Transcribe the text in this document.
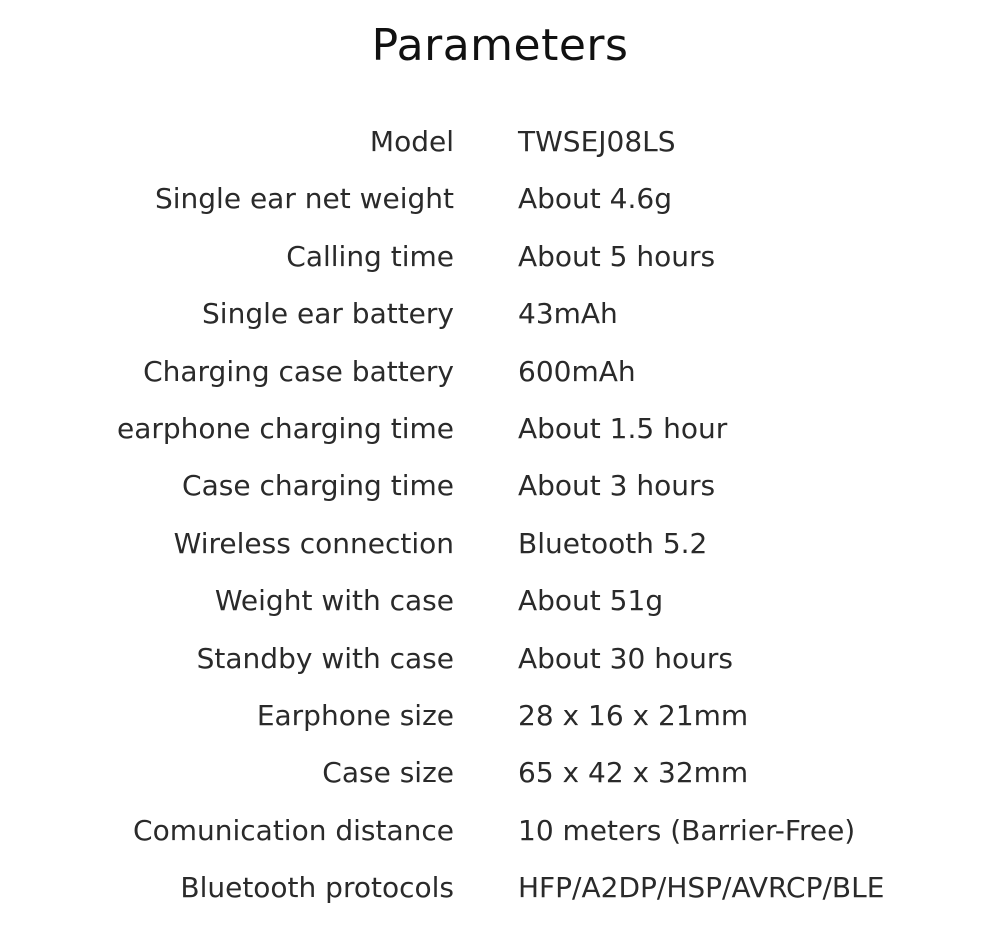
Parameters
Model TWSEJ08LS
Single ear net weight About 4.6g
Calling time About 5 hours
Single ear battery 43mAh
Charging case battery 600mAh
earphone charging time About 1.5 hour
Case charging time About 3 hours
Wireless connection Bluetooth 5.2
Weight with case About 51g
Standby with case About 30 hours
Earphone size 28 x 16 x 21mm
Case size 65 x 42 x 32mm
Comunication distance 10 meters (Barrier-Free)
Bluetooth protocols HFP/A2DP/HSP/AVRCP/BLE
